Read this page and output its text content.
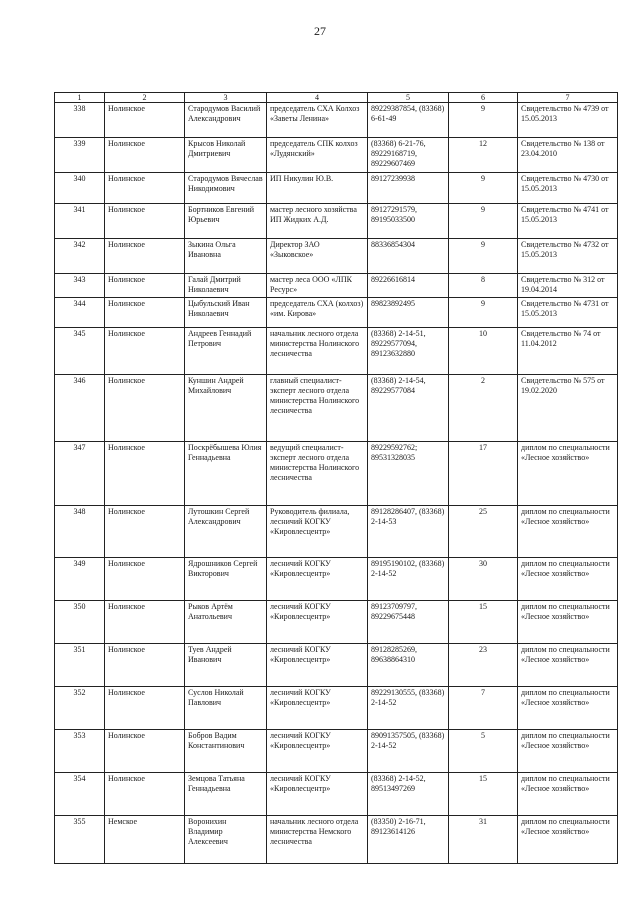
27
1	2	3	4	5	6	7
338	Нолинское	Стародумов Василий Александрович	председатель СХА Колхоз «Заветы Ленина»	89229387854, (83368) 6-61-49	9	Свидетельство № 4739 от 15.05.2013
339	Нолинское	Крысов Николай Дмитриевич	председатель СПК колхоз «Лудянский»	(83368) 6-21-76, 89229168719, 89229607469	12	Свидетельство № 138 от 23.04.2010
340	Нолинское	Стародумов Вячеслав Никодимович	ИП Никулин Ю.В.	89127239938	9	Свидетельство № 4730 от 15.05.2013
341	Нолинское	Бортников Евгений Юрьевич	мастер лесного хозяйства ИП Жидких А.Д.	89127291579, 89195033500	9	Свидетельство № 4741 от 15.05.2013
342	Нолинское	Зыкина Ольга Ивановна	Директор ЗАО «Зыковское»	88336854304	9	Свидетельство № 4732 от 15.05.2013
343	Нолинское	Галай Дмитрий Николаевич	мастер леса ООО «ЛПК Ресурс»	89226616814	8	Свидетельство № 312 от 19.04.2014
344	Нолинское	Цыбульский Иван Николаевич	председатель СХА (колхоз) «им. Кирова»	89823892495	9	Свидетельство № 4731 от 15.05.2013
345	Нолинское	Андреев Геннадий Петрович	начальник лесного отдела министерства Нолинского лесничества	(83368) 2-14-51, 89229577094, 89123632880	10	Свидетельство № 74 от 11.04.2012
346	Нолинское	Куншин Андрей Михайлович	главный специалист-эксперт лесного отдела министерства Нолинского лесничества	(83368) 2-14-54, 89229577084	2	Свидетельство № 575 от 19.02.2020
347	Нолинское	Поскрёбышева Юлия Геннадьевна	ведущий специалист-эксперт лесного отдела министерства Нолинского лесничества	89229592762; 89531328035	17	диплом по специальности «Лесное хозяйство»
348	Нолинское	Лутошкин Сергей Александрович	Руководитель филиала, лесничий КОГКУ «Кировлесцентр»	89128286407, (83368) 2-14-53	25	диплом по специальности «Лесное хозяйство»
349	Нолинское	Ядрошников Сергей Викторович	лесничий КОГКУ «Кировлесцентр»	89195190102, (83368) 2-14-52	30	диплом по специальности «Лесное хозяйство»
350	Нолинское	Рыков Артём Анатольевич	лесничий КОГКУ «Кировлесцентр»	89123709797, 89229675448	15	диплом по специальности «Лесное хозяйство»
351	Нолинское	Туев Андрей Иванович	лесничий КОГКУ «Кировлесцентр»	89128285269, 89638864310	23	диплом по специальности «Лесное хозяйство»
352	Нолинское	Суслов Николай Павлович	лесничий КОГКУ «Кировлесцентр»	89229130555, (83368) 2-14-52	7	диплом по специальности «Лесное хозяйство»
353	Нолинское	Бобров Вадим Константинович	лесничий КОГКУ «Кировлесцентр»	89091357505, (83368) 2-14-52	5	диплом по специальности «Лесное хозяйство»
354	Нолинское	Земцова Татьяна Геннадьевна	лесничий КОГКУ «Кировлесцентр»	(83368) 2-14-52, 89513497269	15	диплом по специальности «Лесное хозяйство»
355	Немское	Воронихин Владимир Алексеевич	начальник лесного отдела министерства Немского лесничества	(83350) 2-16-71, 89123614126	31	диплом по специальности «Лесное хозяйство»
